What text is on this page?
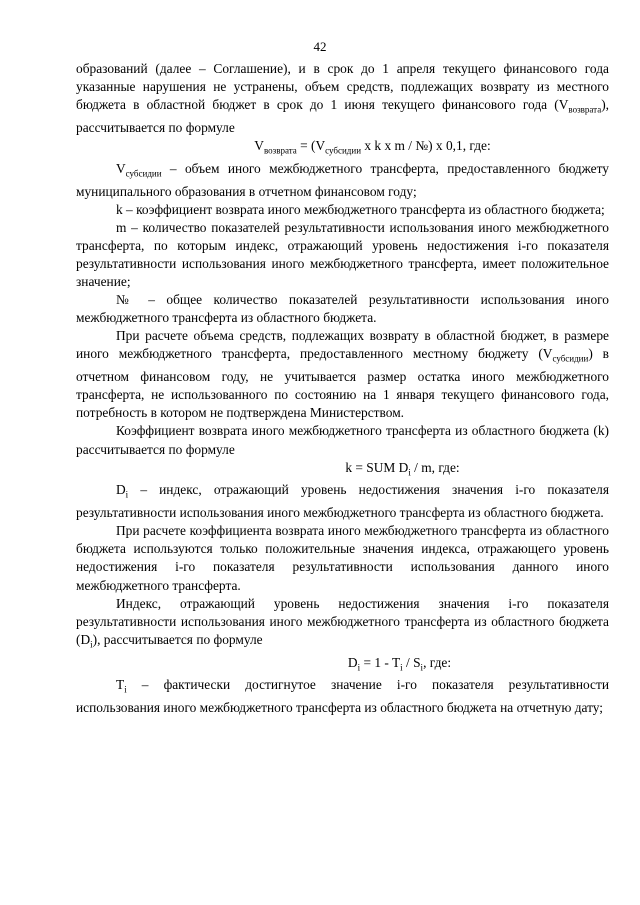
42

образований (далее – Соглашение), и в срок до 1 апреля текущего финансового года указанные нарушения не устранены, объем средств, подлежащих возврату из местного бюджета в областной бюджет в срок до 1 июня текущего финансового года $(V_{возврата})$, рассчитывается по формуле

$V_{возврата} = (V_{субсидии}$ x k x m / №) x 0,1, где:

$V_{субсидии}$ – объем иного межбюджетного трансферта, предоставленного бюджету муниципального образования в отчетном финансовом году;

k – коэффициент возврата иного межбюджетного трансферта из областного бюджета;

m – количество показателей результативности использования иного межбюджетного трансферта, по которым индекс, отражающий уровень недостижения i-го показателя результативности использования иного межбюджетного трансферта, имеет положительное значение;

№ – общее количество показателей результативности использования иного межбюджетного трансферта из областного бюджета.

При расчете объема средств, подлежащих возврату в областной бюджет, в размере иного межбюджетного трансферта, предоставленного местному бюджету $(V_{субсидии})$ в отчетном финансовом году, не учитывается размер остатка иного межбюджетного трансферта, не использованного по состоянию на 1 января текущего финансового года, потребность в котором не подтверждена Министерством.

Коэффициент возврата иного межбюджетного трансферта из областного бюджета (k) рассчитывается по формуле

k = SUM $D_i$ / m, где:

$D_i$ – индекс, отражающий уровень недостижения значения i-го показателя результативности использования иного межбюджетного трансферта из областного бюджета.

При расчете коэффициента возврата иного межбюджетного трансферта из областного бюджета используются только положительные значения индекса, отражающего уровень недостижения i-го показателя результативности использования данного иного межбюджетного трансферта.

Индекс, отражающий уровень недостижения значения i-го показателя результативности использования иного межбюджетного трансферта из областного бюджета $(D_i)$, рассчитывается по формуле

$D_i = 1 - T_i / S_i$, где:

$T_i$ – фактически достигнутое значение i-го показателя результативности использования иного межбюджетного трансферта из областного бюджета на отчетную дату;
